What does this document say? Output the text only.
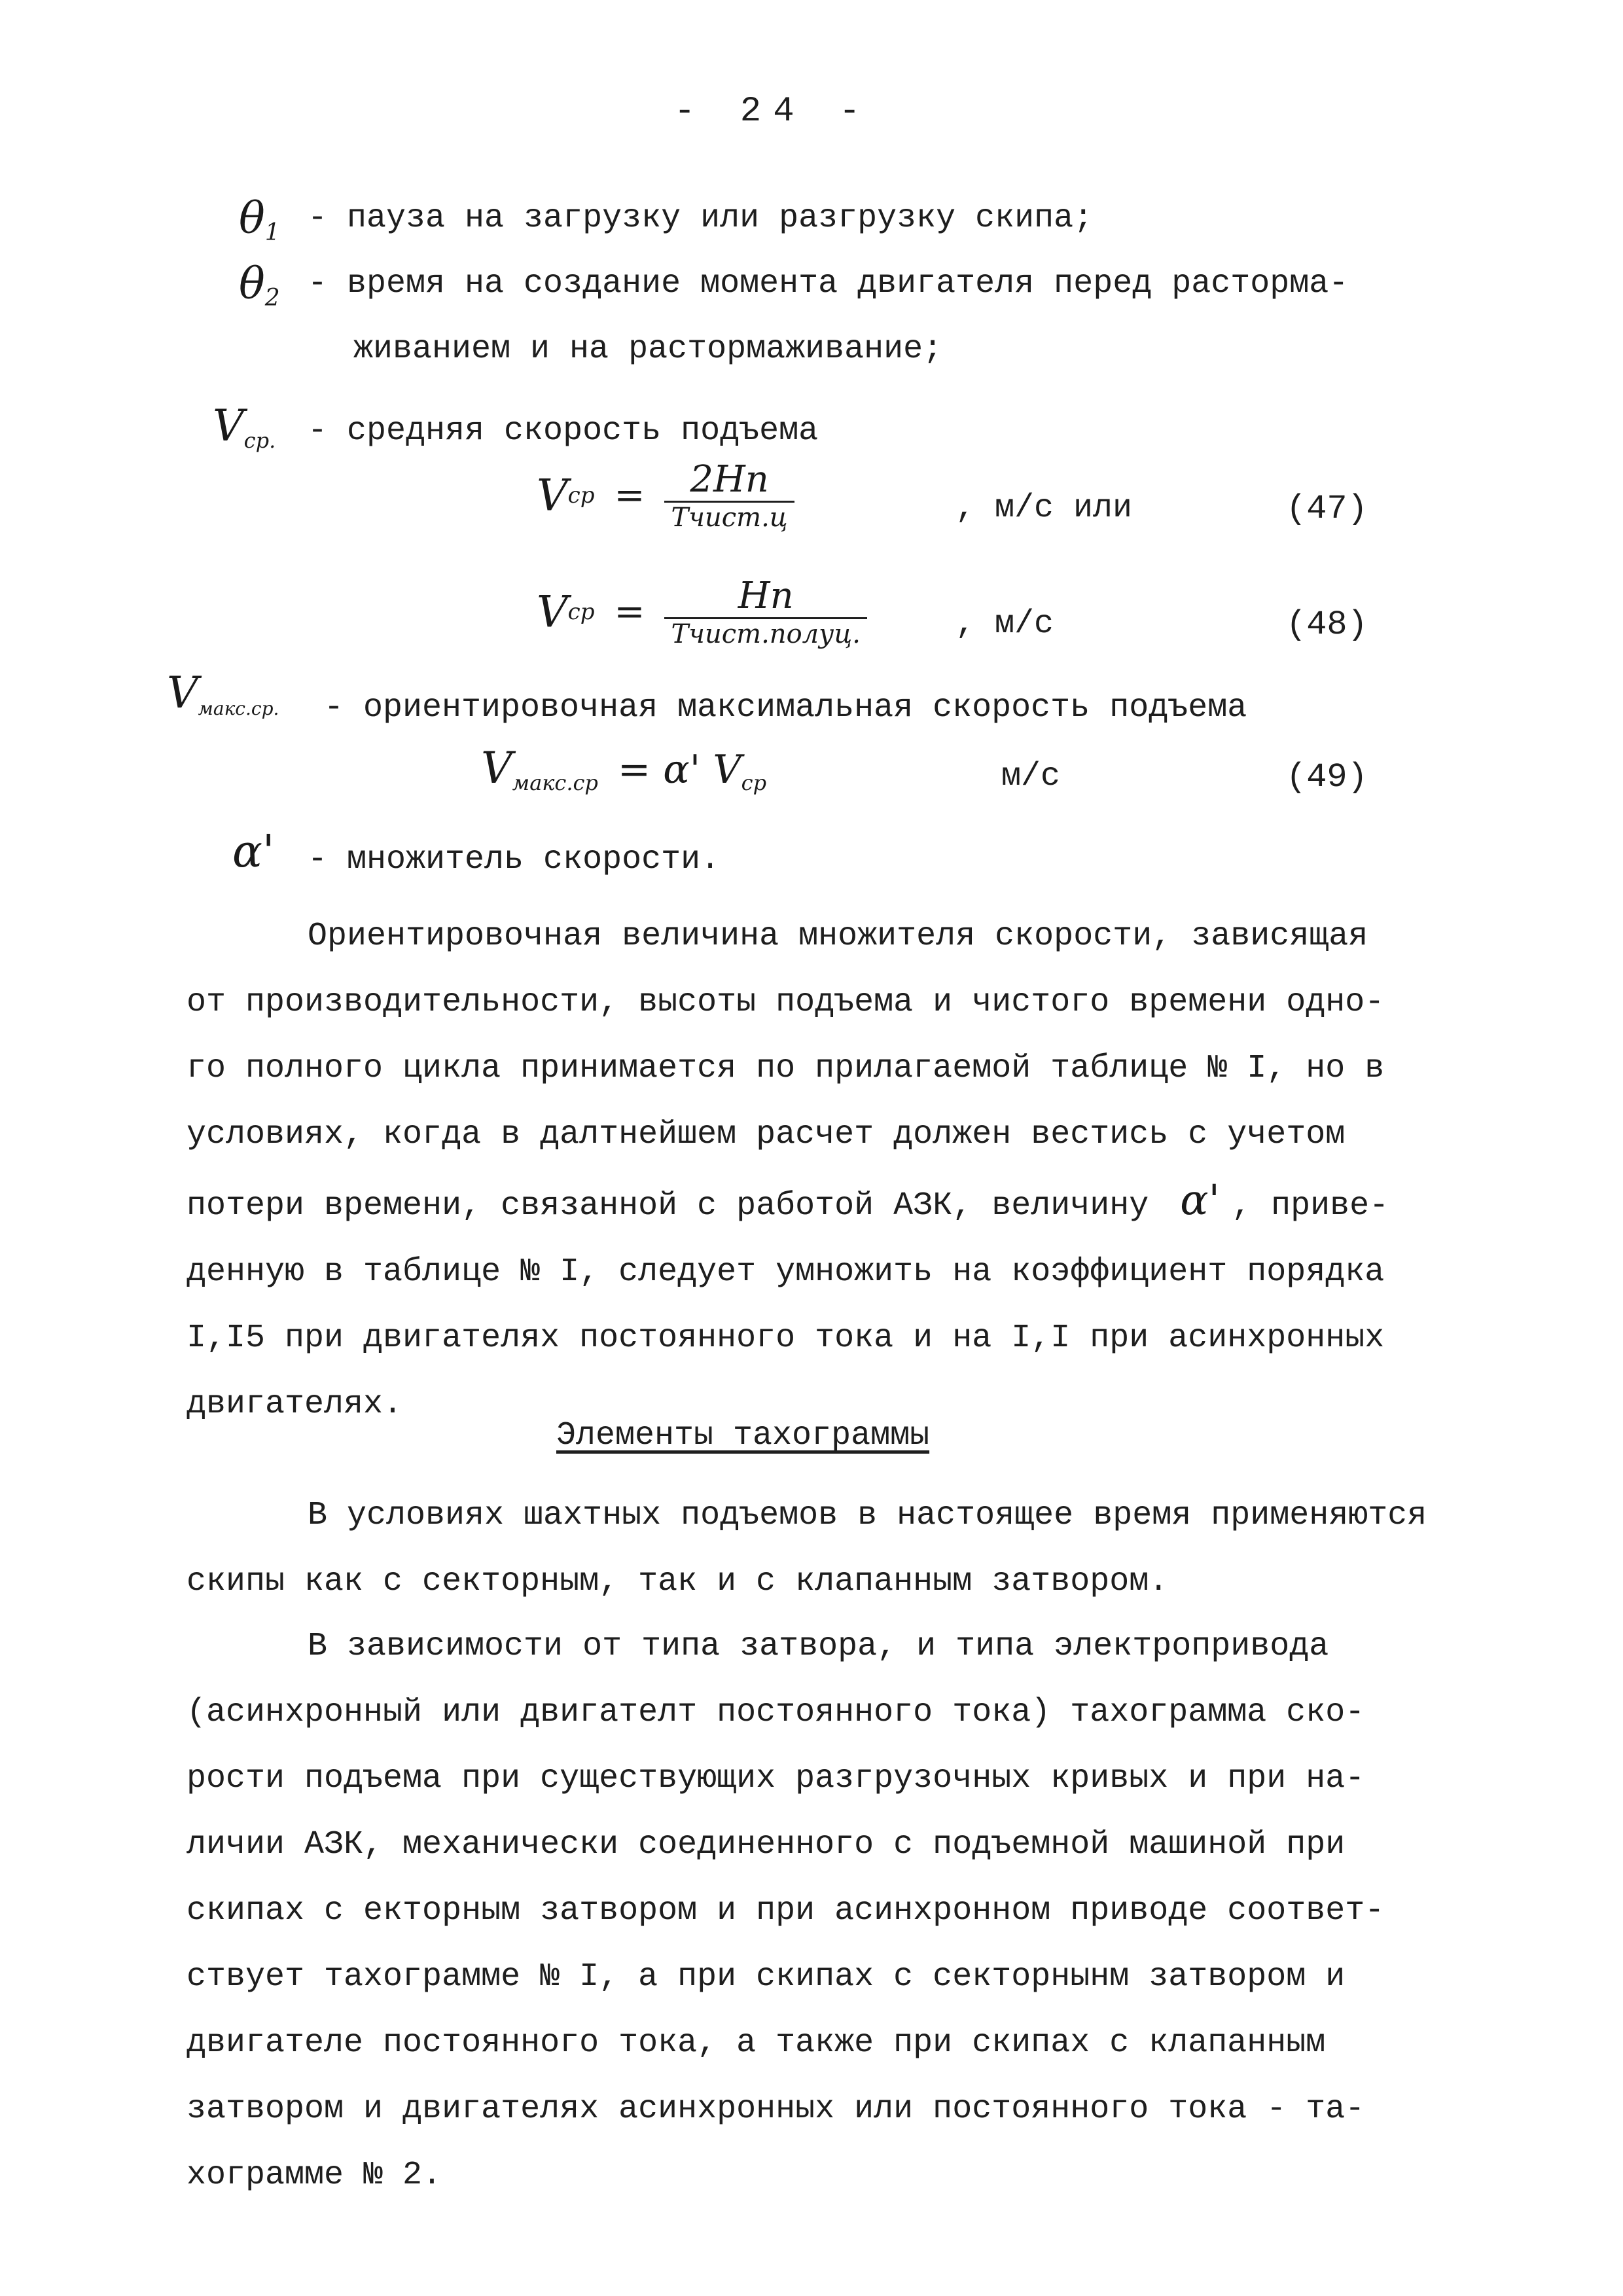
- 24 -
$\theta_1$ - пауза на загрузку или разгрузку скипа;
$\theta_2$ - время на создание момента двигателя перед растормa-
живанием и на растормаживание;
$V_{ср.}$ - средняя скорость подъема
Vср = $\frac{2Hп}{\text{Tчист.ц}}$	, м/с или	(47)
Vср = $\frac{Hп}{\text{Tчист.полуц.}}$	, м/с	(48)
$V_{макс.ср.}$ - ориентировочная максимальная скорость подъема
$V_{макс.ср} = \alpha'$ $V_{ср}$	м/с	(49)
α' - множитель скорости.
Ориентировочная величина множителя скорости, зависящая
от производительности, высоты подъема и чистого времени одно-
го полного цикла принимается по прилагаемой таблице № I, но в
условиях, когда в далтнейшем расчет должен вестись с учетом
потери времени, связанной с работой АЗК, величину α' , приве-
денную в таблице № I, следует умножить на коэффициент порядка
I,I5 при двигателях постоянного тока и на I,I при асинхронных
двигателях.
Элементы тахограммы
В условиях шахтных подъемов в настоящее время применяются
скипы как с секторным, так и с клапанным затвором.
В зависимости от типа затвора, и типа электропривода
(асинхронный или двигателт постоянного тока) тахограмма ско-
рости подъема при существующих разгрузочных кривых и при на-
личии АЗК, механически соединенного с подъемной машиной при
скипах с екторным затвором и при асинхронном приводе соответ-
ствует тахограмме № I, а при скипах с секторнынм затвором и
двигателе постоянного тока, а также при скипах с клапанным
затвором и двигателях асинхронных или постоянного тока - та-
хограмме № 2.
